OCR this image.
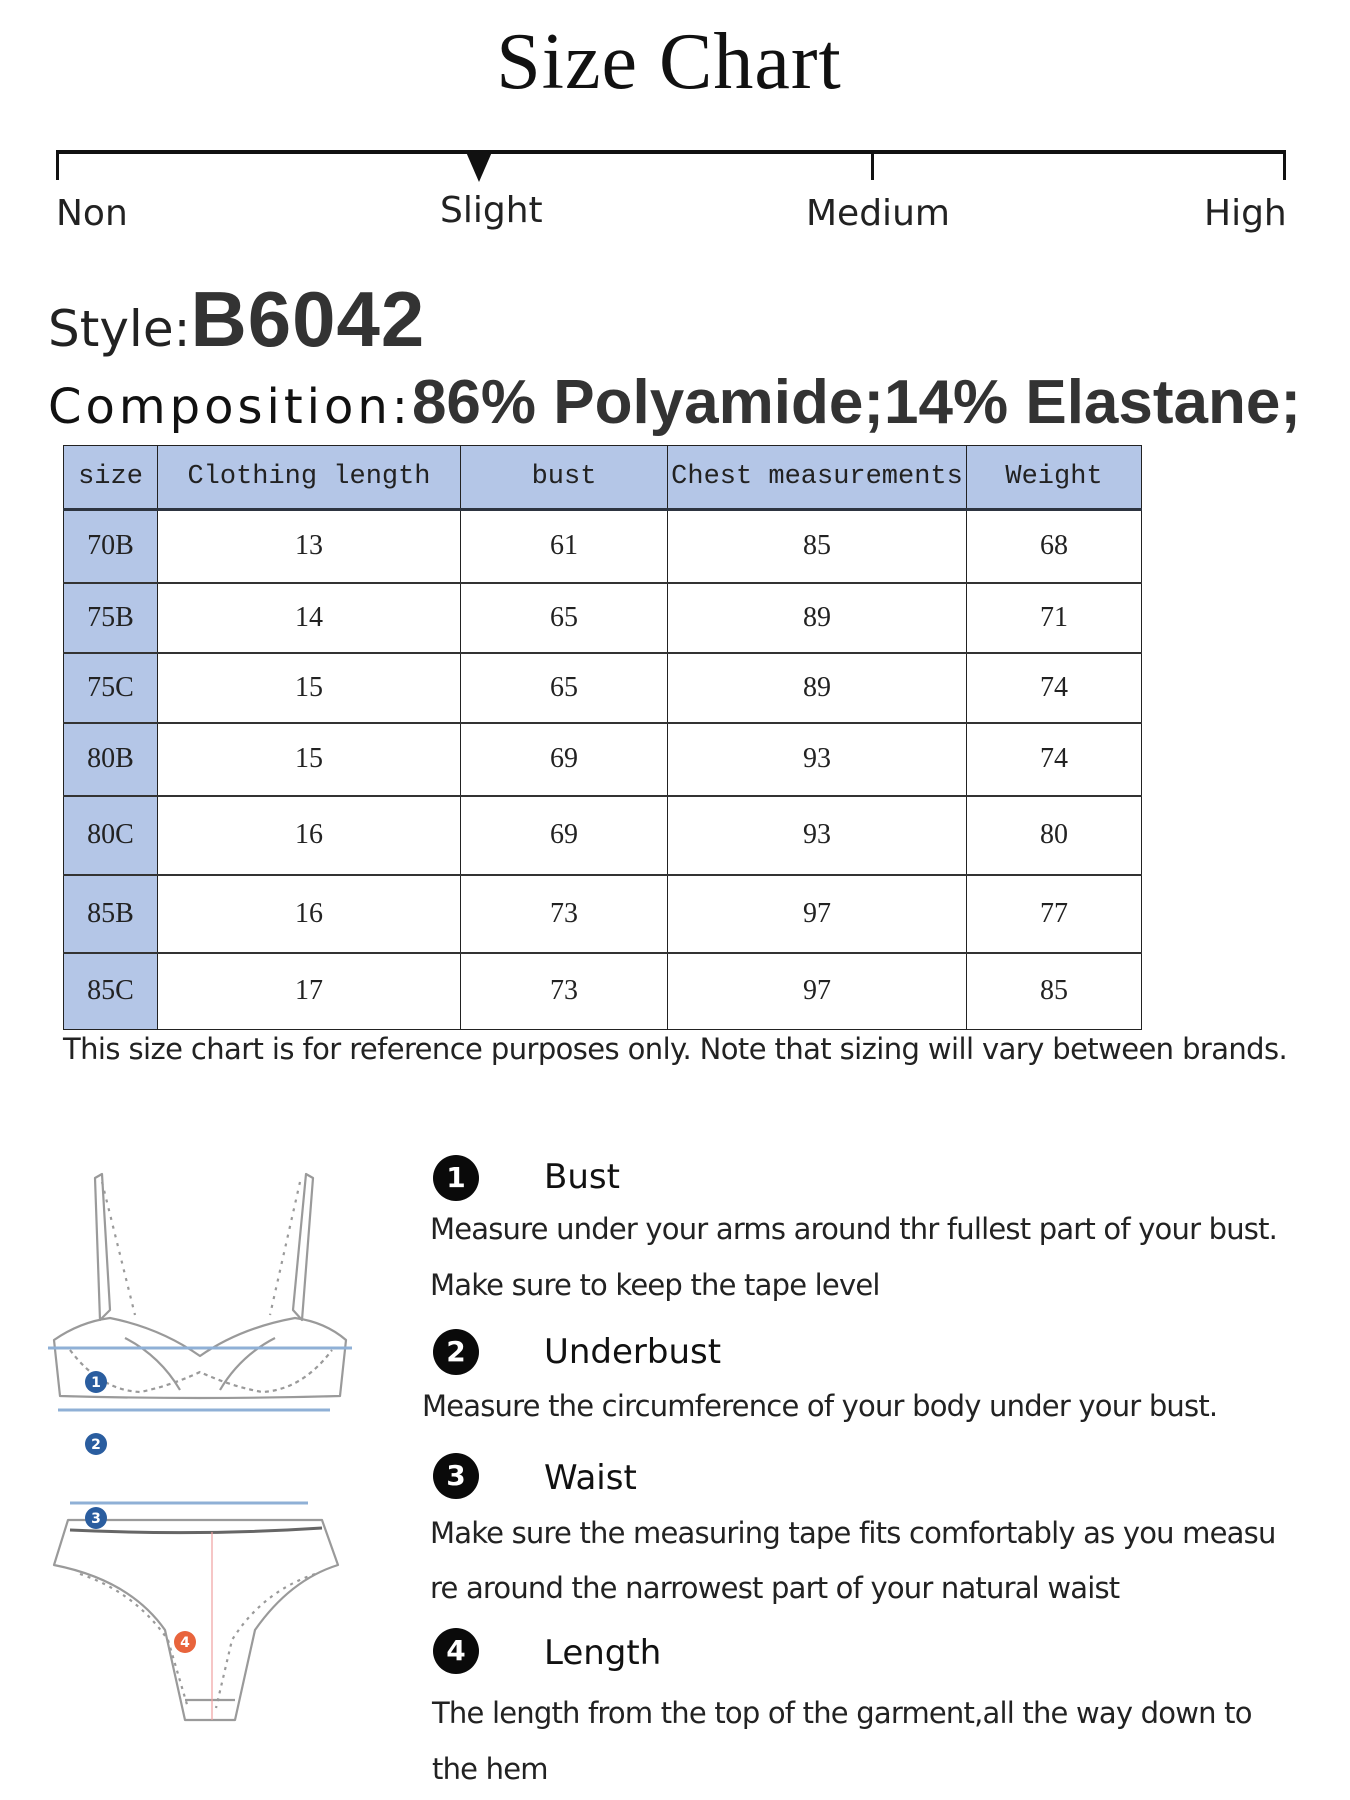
Size Chart
Non	Slight	Medium	High
Style:B6042
Composition:86% Polyamide;14% Elastane;
size	Clothing length	bust	Chest measurements	Weight
70B	13	61	85	68
75B	14	65	89	71
75C	15	65	89	74
80B	15	69	93	74
80C	16	69	93	80
85B	16	73	97	77
85C	17	73	97	85
This size chart is for reference purposes only. Note that sizing will vary between brands.
1
2
3
4
1	Bust
Measure under your arms around thr fullest part of your bust.
Make sure to keep the tape level
2	Underbust
Measure the circumference of your body under your bust.
3	Waist
Make sure the measuring tape fits comfortably as you measu
re around the narrowest part of your natural waist
4	Length
The length from the top of the garment,all the way down to
the hem
